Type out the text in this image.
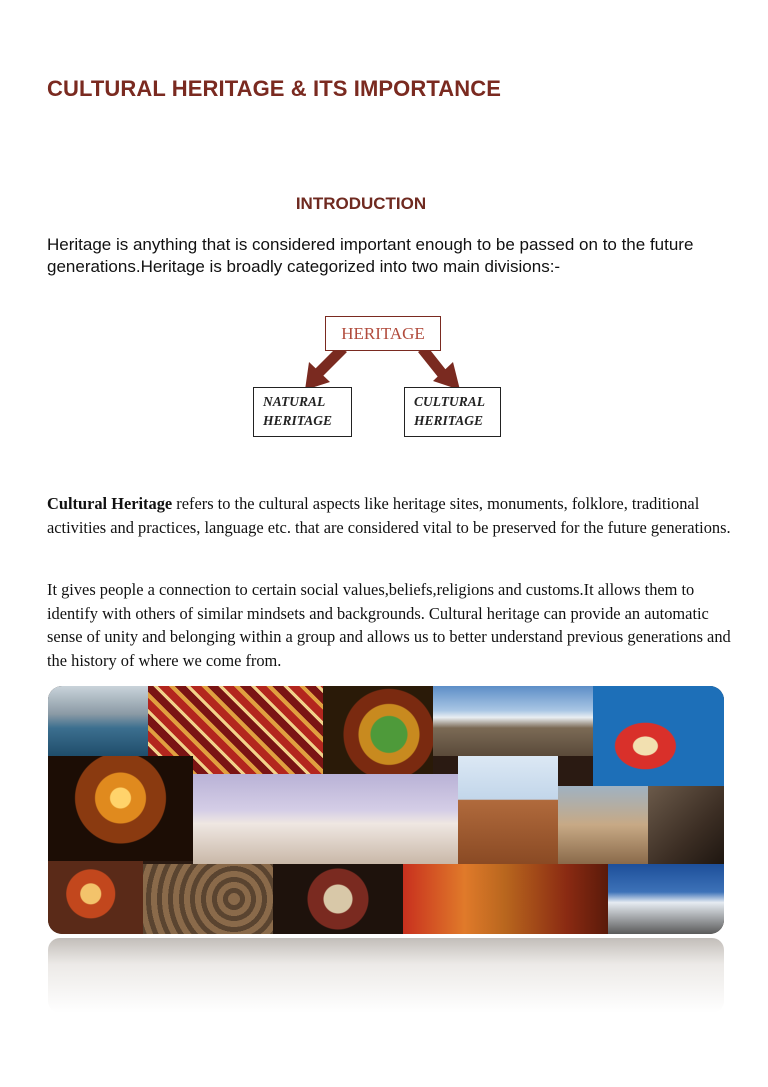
CULTURAL HERITAGE & ITS IMPORTANCE
INTRODUCTION

Heritage is anything that is considered important enough to be passed on to the future generations.Heritage is broadly categorized into two main divisions:-

HERITAGE
NATURAL
HERITAGE
CULTURAL
HERITAGE

Cultural Heritage refers to the cultural aspects like heritage sites, monuments, folklore, traditional activities and practices, language etc. that are considered vital to be preserved for the future generations.

It gives people a connection to certain social values,beliefs,religions and customs.It allows them to identify with others of similar mindsets and backgrounds. Cultural heritage can provide an automatic sense of unity and belonging within a group and allows us to better understand previous generations and the history of where we come from.
